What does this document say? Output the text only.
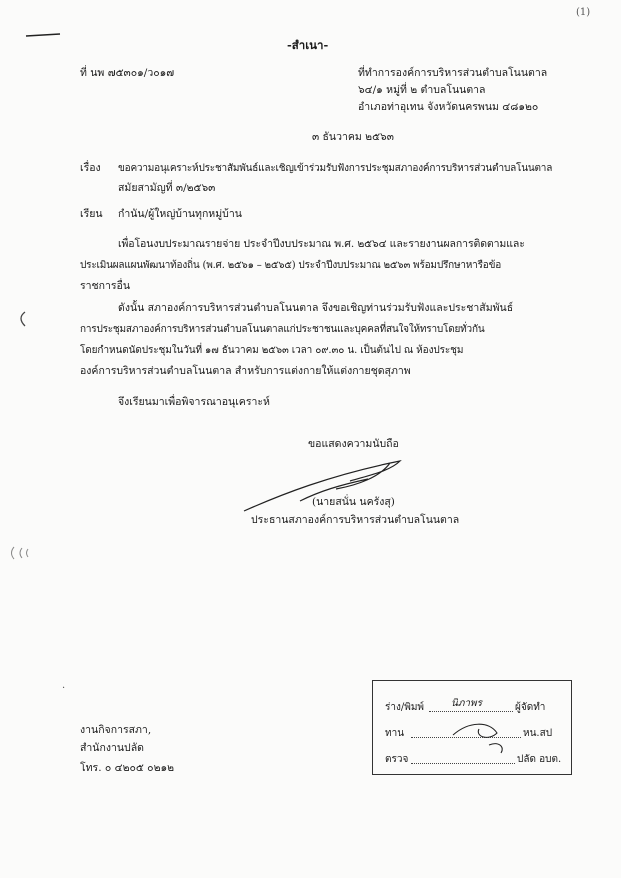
(1)
-สำเนา-
ที่ นพ ๗๕๓๐๑/ว๐๑๗	ที่ทำการองค์การบริหารส่วนตำบลโนนตาล
๖๔/๑ หมู่ที่ ๒ ตำบลโนนตาล
อำเภอท่าอุเทน จังหวัดนครพนม ๔๘๑๒๐
๓ ธันวาคม ๒๕๖๓
เรื่อง ขอความอนุเคราะห์ประชาสัมพันธ์และเชิญเข้าร่วมรับฟังการประชุมสภาองค์การบริหารส่วนตำบลโนนตาล
สมัยสามัญที่ ๓/๒๕๖๓
เรียน กำนัน/ผู้ใหญ่บ้านทุกหมู่บ้าน
เพื่อโอนงบประมาณรายจ่าย ประจำปีงบประมาณ พ.ศ. ๒๕๖๔ และรายงานผลการติดตามและ
ประเมินผลแผนพัฒนาท้องถิ่น (พ.ศ. ๒๕๖๑ – ๒๕๖๕) ประจำปีงบประมาณ ๒๕๖๓ พร้อมปรึกษาหารือข้อ
ราชการอื่น
ดังนั้น สภาองค์การบริหารส่วนตำบลโนนตาล จึงขอเชิญท่านร่วมรับฟังและประชาสัมพันธ์
การประชุมสภาองค์การบริหารส่วนตำบลโนนตาลแก่ประชาชนและบุคคลที่สนใจให้ทราบโดยทั่วกัน
โดยกำหนดนัดประชุมในวันที่ ๑๗ ธันวาคม ๒๕๖๓ เวลา ๐๙.๓๐ น. เป็นต้นไป ณ ห้องประชุม
องค์การบริหารส่วนตำบลโนนตาล สำหรับการแต่งกายให้แต่งกายชุดสุภาพ
จึงเรียนมาเพื่อพิจารณาอนุเคราะห์
ขอแสดงความนับถือ
(นายสนั่น นครังสุ)
ประธานสภาองค์การบริหารส่วนตำบลโนนตาล
·
งานกิจการสภา,
สำนักงานปลัด
โทร. ๐ ๔๒๐๕ ๐๒๑๒
ร่าง/พิมพ์	นิภาพร	ผู้จัดทำ
ทาน	หน.สป
ตรวจ	ปลัด อบต.
